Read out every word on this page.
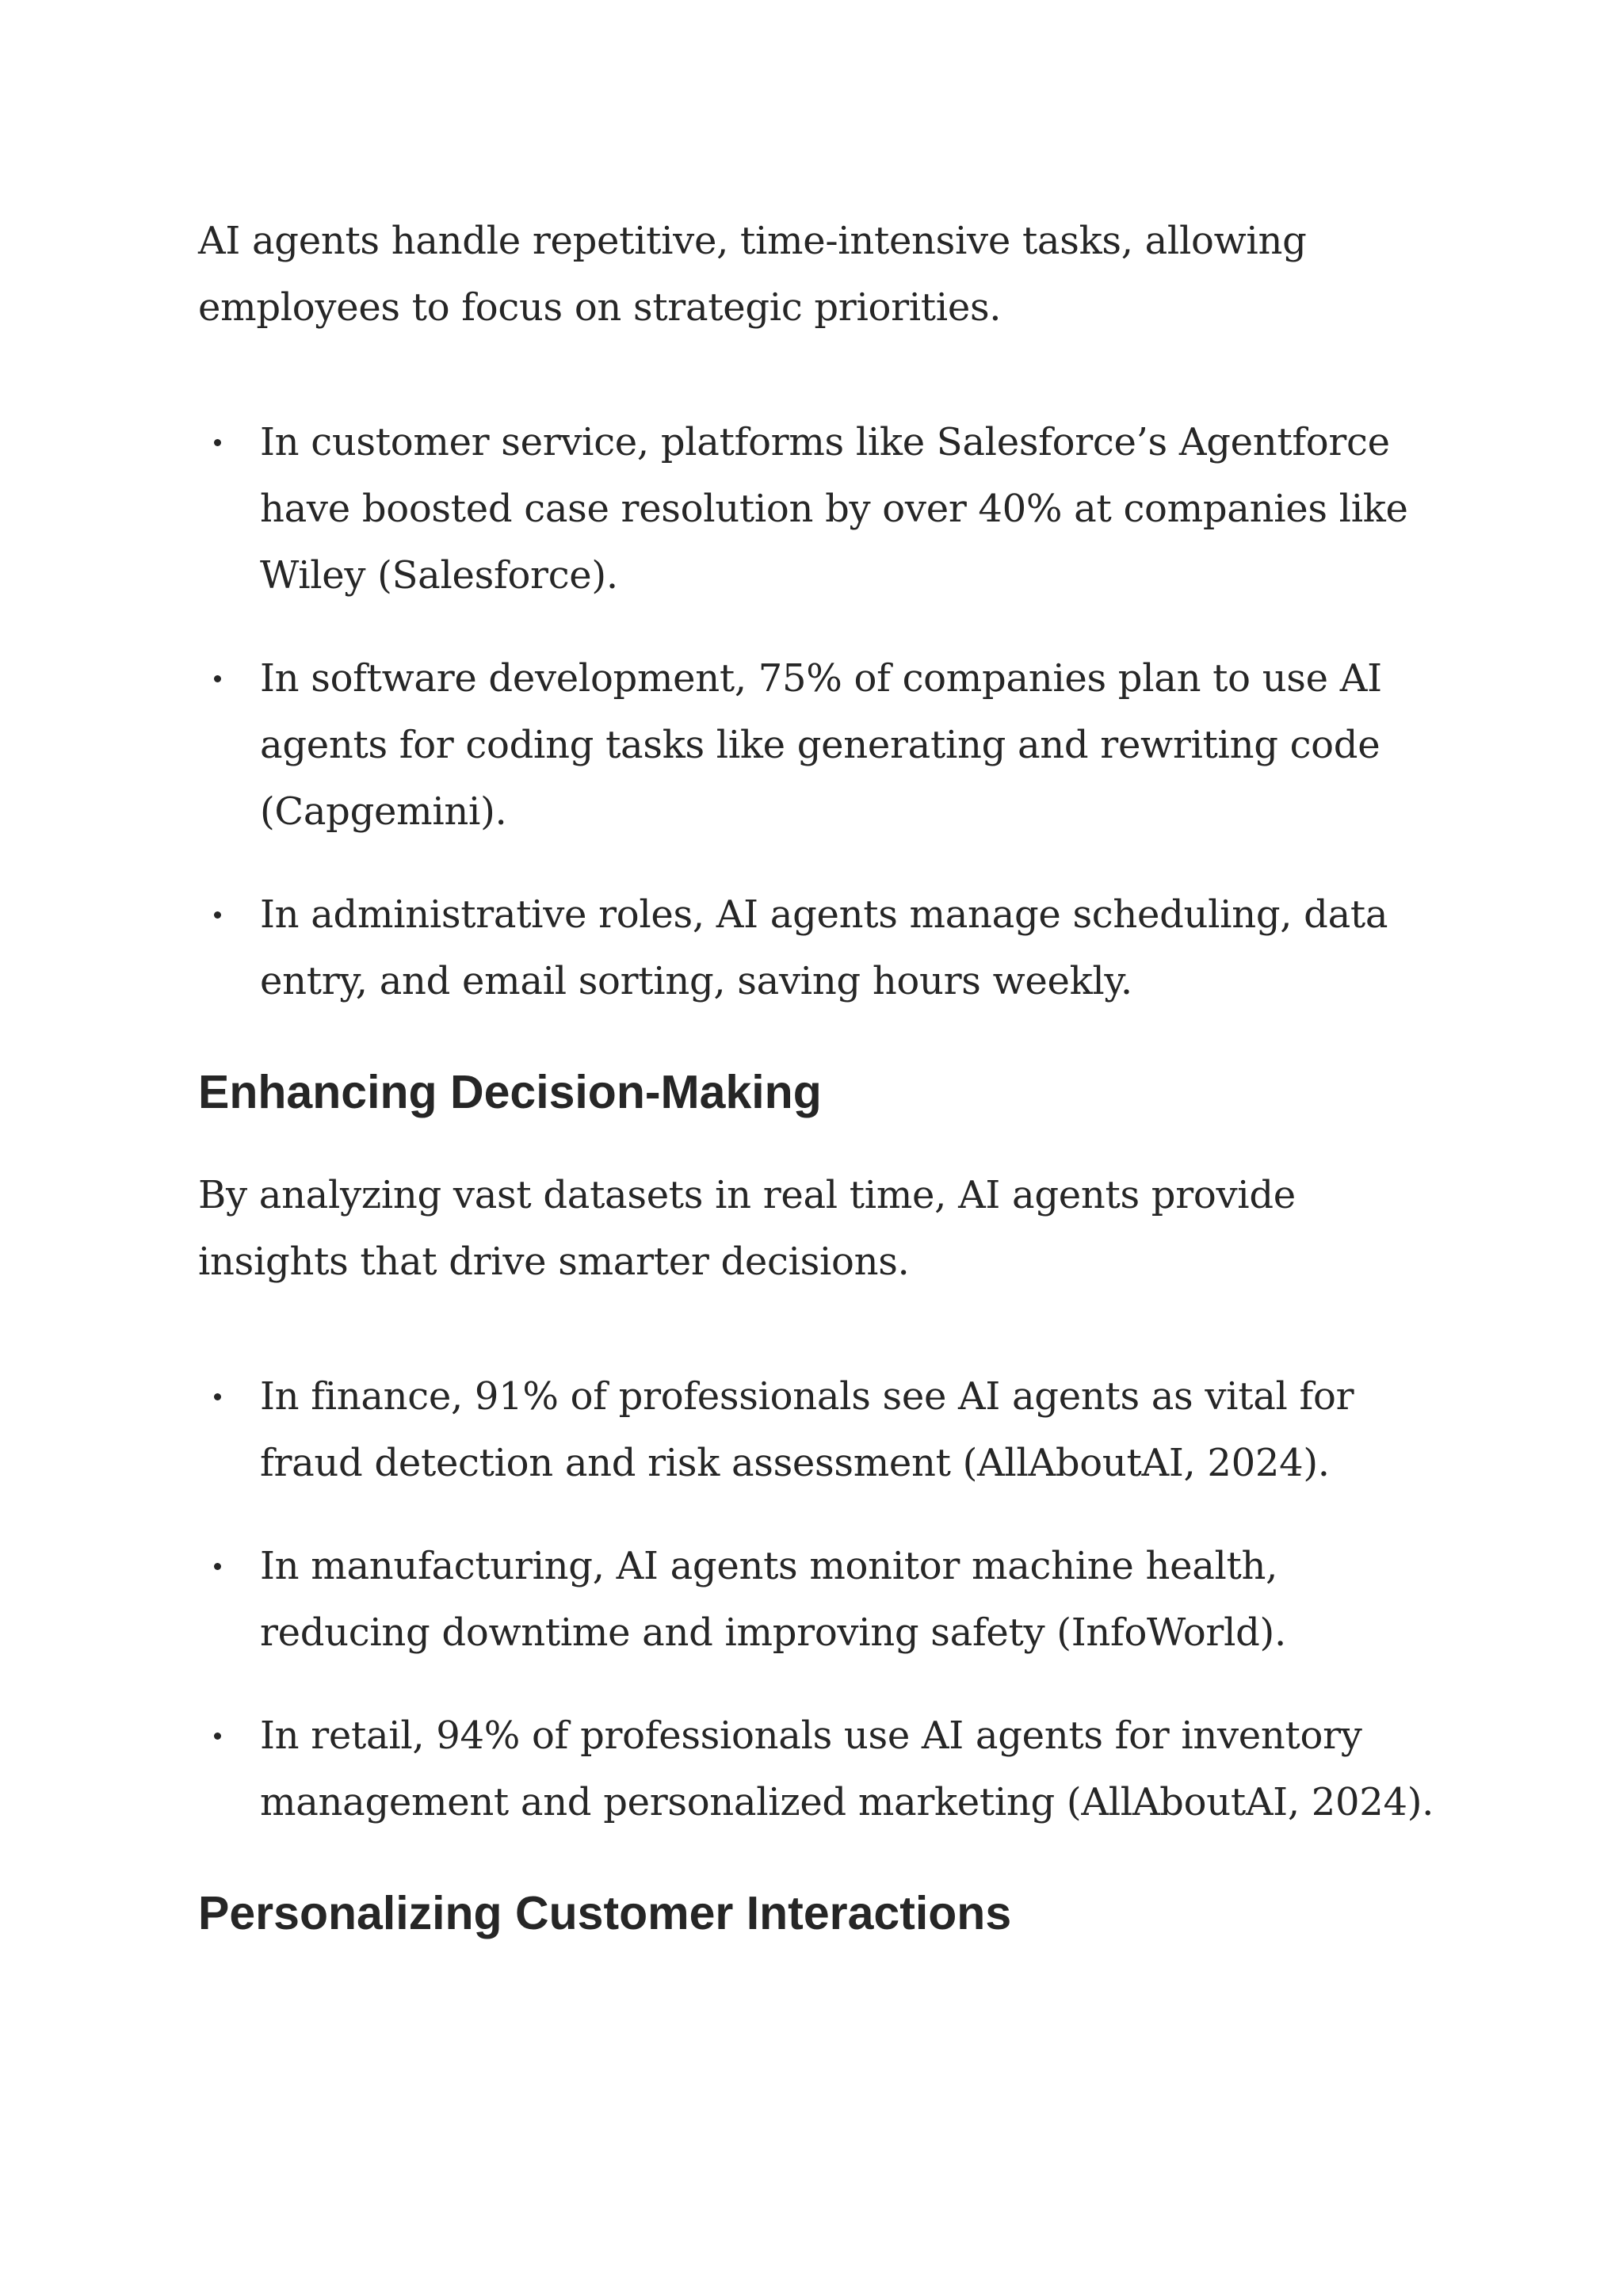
AI agents handle repetitive, time-intensive tasks, allowing employees to focus on strategic priorities.

In customer service, platforms like Salesforce’s Agentforce have boosted case resolution by over 40% at companies like Wiley (Salesforce).
In software development, 75% of companies plan to use AI agents for coding tasks like generating and rewriting code (Capgemini).
In administrative roles, AI agents manage scheduling, data entry, and email sorting, saving hours weekly.
Enhancing Decision-Making

By analyzing vast datasets in real time, AI agents provide insights that drive smarter decisions.

In finance, 91% of professionals see AI agents as vital for fraud detection and risk assessment (AllAboutAI, 2024).
In manufacturing, AI agents monitor machine health, reducing downtime and improving safety (InfoWorld).
In retail, 94% of professionals use AI agents for inventory management and personalized marketing (AllAboutAI, 2024).
Personalizing Customer Interactions
